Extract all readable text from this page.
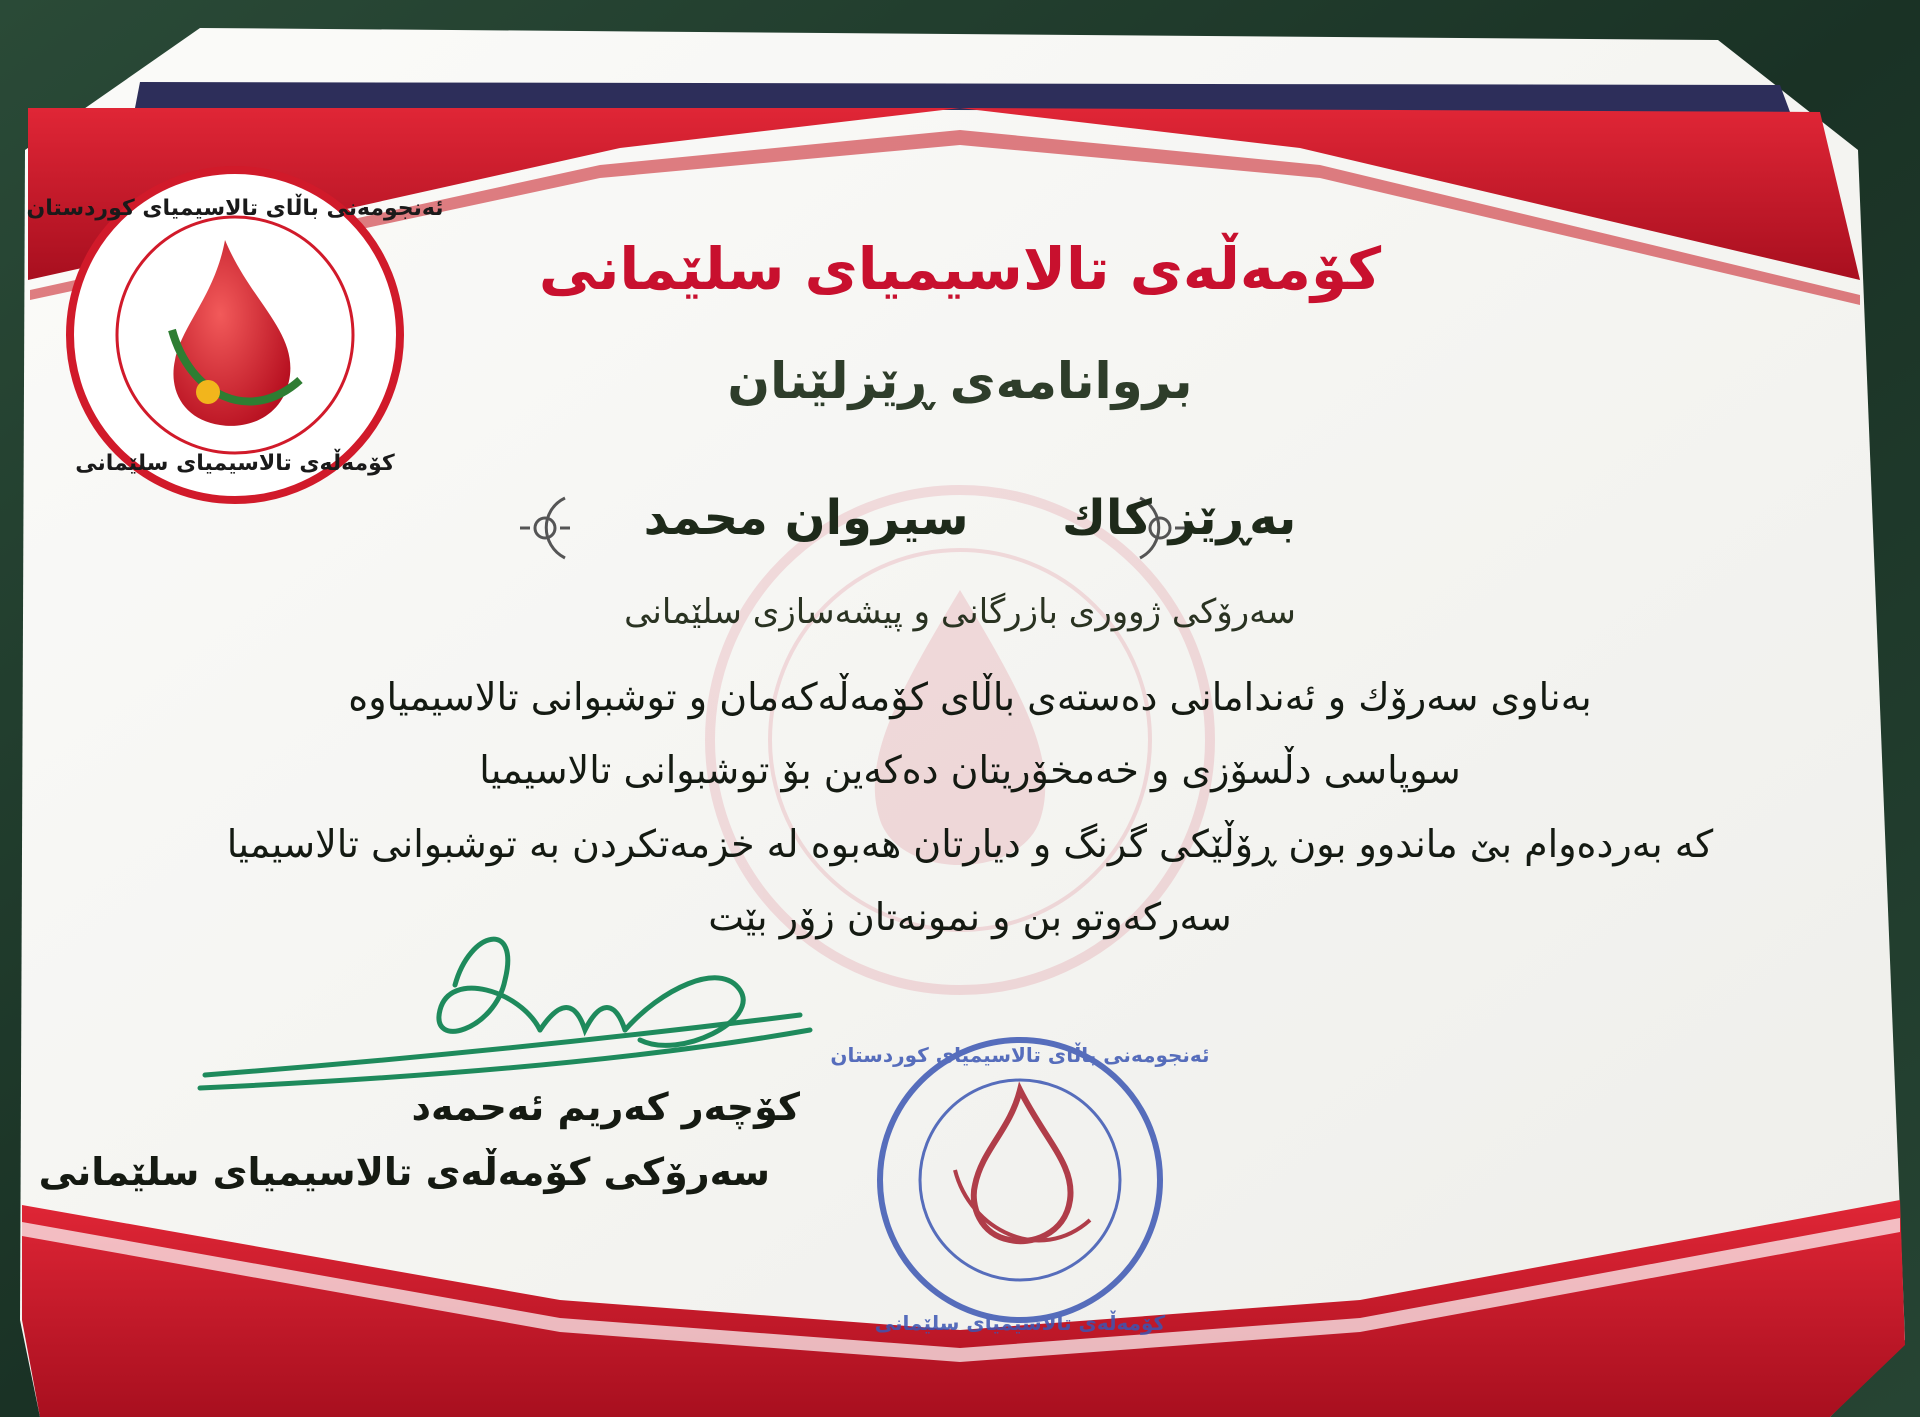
ئەنجومەنی باڵای تالاسیمیای كوردستان
كۆمەڵەی تالاسیمیای سلێمانی
ئەنجومەنی باڵای تالاسیمیای كوردستان
كۆمەڵەی تالاسیمیای سلێمانی
كۆمەڵەی تالاسیمیای سلێمانی
بروانامەی ڕێزلێنان
بەڕێز كاك  سیروان محمد
سەرۆكی ژووری بازرگانی و پیشەسازی سلێمانی
بەناوی سەرۆك و ئەندامانی دەستەی باڵای كۆمەڵەكەمان و توشبوانی تالاسیمیاوە
سوپاسی دڵسۆزی و خەمخۆریتان دەكەین بۆ توشبوانی تالاسیمیا
كە بەردەوام بێ ماندوو بون ڕۆڵێكی گرنگ و دیارتان هەبوە لە خزمەتكردن بە توشبوانی تالاسیمیا
سەركەوتو بن و نمونەتان زۆر بێت
كۆچەر كەریم ئەحمەد
سەرۆكی كۆمەڵەی تالاسیمیای سلێمانی
